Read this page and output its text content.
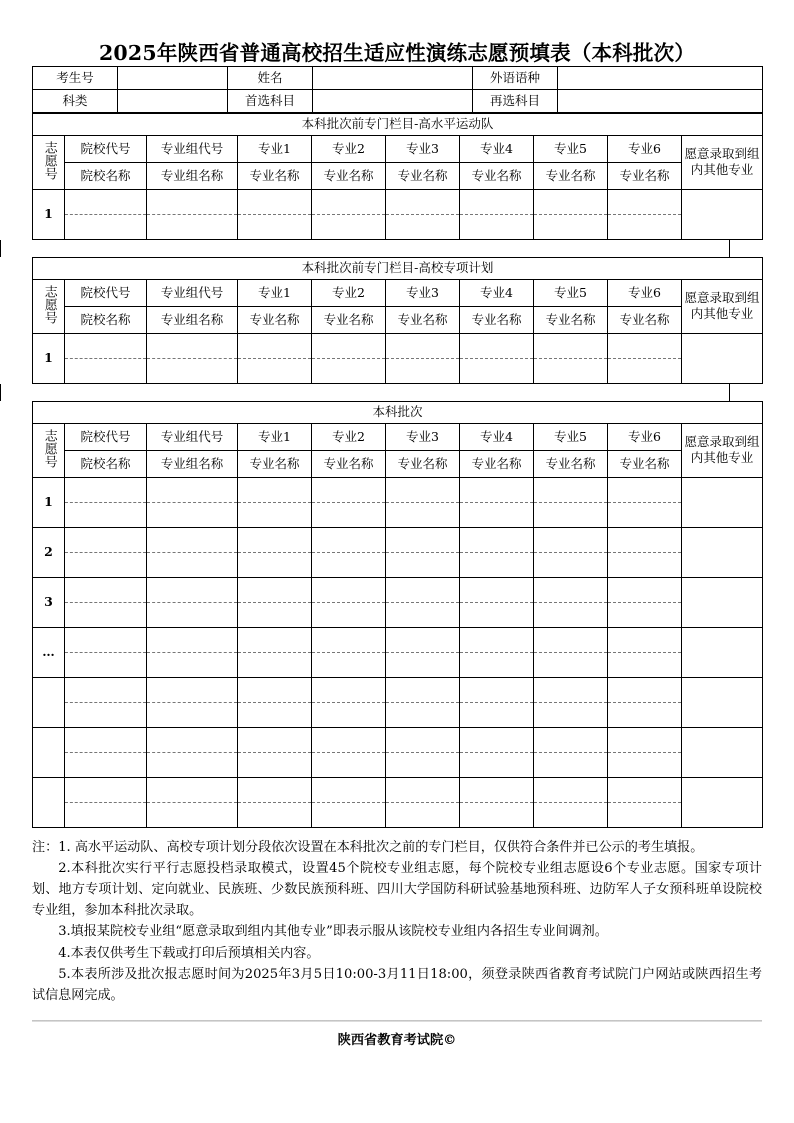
2025年陕西省普通高校招生适应性演练志愿预填表（本科批次）
考生号		姓名		外语语种	
科类		首选科目		再选科目	
本科批次前专门栏目-高水平运动队									
志愿号	院校代号	专业组代号	专业1	专业2	专业3	专业4	专业5	专业6	愿意录取到组内其他专业
	院校名称	专业组名称	专业名称	专业名称	专业名称	专业名称	专业名称	专业名称	
1									

本科批次前专门栏目-高校专项计划									
志愿号	院校代号	专业组代号	专业1	专业2	专业3	专业4	专业5	专业6	愿意录取到组内其他专业
	院校名称	专业组名称	专业名称	专业名称	专业名称	专业名称	专业名称	专业名称	
1									

本科批次									
志愿号	院校代号	专业组代号	专业1	专业2	专业3	专业4	专业5	专业6	愿意录取到组内其他专业
	院校名称	专业组名称	专业名称	专业名称	专业名称	专业名称	专业名称	专业名称	
1									

2									

3									

…									

注：1. 高水平运动队、高校专项计划分段依次设置在本科批次之前的专门栏目，仅供符合条件并已公示的考生填报。

2.本科批次实行平行志愿投档录取模式，设置45个院校专业组志愿，每个院校专业组志愿设6个专业志愿。国家专项计划、地方专项计划、定向就业、民族班、少数民族预科班、四川大学国防科研试验基地预科班、边防军人子女预科班单设院校专业组，参加本科批次录取。

3.填报某院校专业组“愿意录取到组内其他专业”即表示服从该院校专业组内各招生专业间调剂。

4.本表仅供考生下载或打印后预填相关内容。

5.本表所涉及批次报志愿时间为2025年3月5日10:00-3月11日18:00，须登录陕西省教育考试院门户网站或陕西招生考试信息网完成。

陕西省教育考试院©
